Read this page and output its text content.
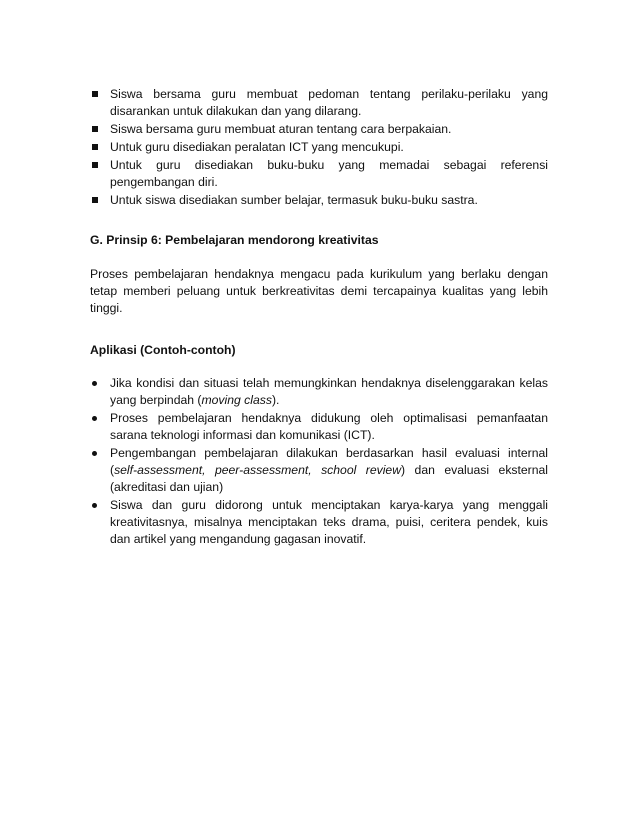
Siswa bersama guru membuat pedoman tentang perilaku-perilaku yang disarankan untuk dilakukan dan yang dilarang.
Siswa bersama guru membuat aturan tentang cara berpakaian.
Untuk guru disediakan peralatan ICT yang mencukupi.
Untuk guru disediakan buku-buku yang memadai sebagai referensi pengembangan diri.
Untuk siswa disediakan sumber belajar, termasuk buku-buku sastra.

G. Prinsip 6: Pembelajaran mendorong kreativitas

Proses pembelajaran hendaknya mengacu pada kurikulum yang berlaku dengan tetap memberi peluang untuk berkreativitas demi tercapainya kualitas yang lebih tinggi.

Aplikasi (Contoh-contoh)

Jika kondisi dan situasi telah memungkinkan hendaknya diselenggarakan kelas yang berpindah (moving class).
Proses pembelajaran hendaknya didukung oleh optimalisasi pemanfaatan sarana teknologi informasi dan komunikasi (ICT).
Pengembangan pembelajaran dilakukan berdasarkan hasil evaluasi internal (self-assessment, peer-assessment, school review) dan evaluasi eksternal (akreditasi dan ujian)
Siswa dan guru didorong untuk menciptakan karya-karya yang menggali kreativitasnya, misalnya menciptakan teks drama, puisi, ceritera pendek, kuis dan artikel yang mengandung gagasan inovatif.
